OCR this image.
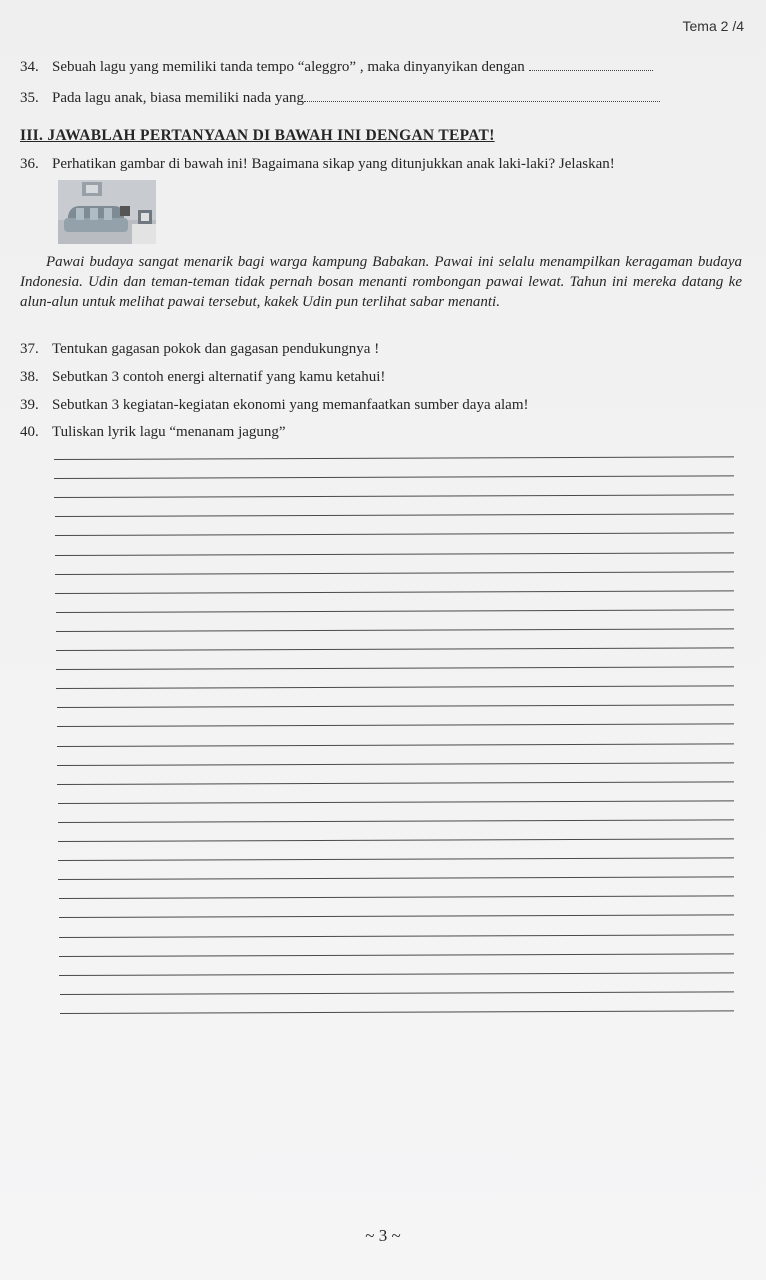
Tema 2 /4
34. Sebuah lagu yang memiliki tanda tempo “aleggro” , maka dinyanyikan dengan
35. Pada lagu anak, biasa memiliki nada yang
III. JAWABLAH PERTANYAAN DI BAWAH INI DENGAN TEPAT!
36. Perhatikan gambar di bawah ini! Bagaimana sikap yang ditunjukkan anak laki-laki? Jelaskan!
Pawai budaya sangat menarik bagi warga kampung Babakan. Pawai ini selalu menampilkan keragaman budaya Indonesia. Udin dan teman-teman tidak pernah bosan menanti rombongan pawai lewat. Tahun ini mereka datang ke alun-alun untuk melihat pawai tersebut, kakek Udin pun terlihat sabar menanti.
37. Tentukan gagasan pokok dan gagasan pendukungnya !
38. Sebutkan 3 contoh energi alternatif yang kamu ketahui!
39. Sebutkan 3 kegiatan-kegiatan ekonomi yang memanfaatkan sumber daya alam!
40. Tuliskan lyrik lagu “menanam jagung”
~ 3 ~
